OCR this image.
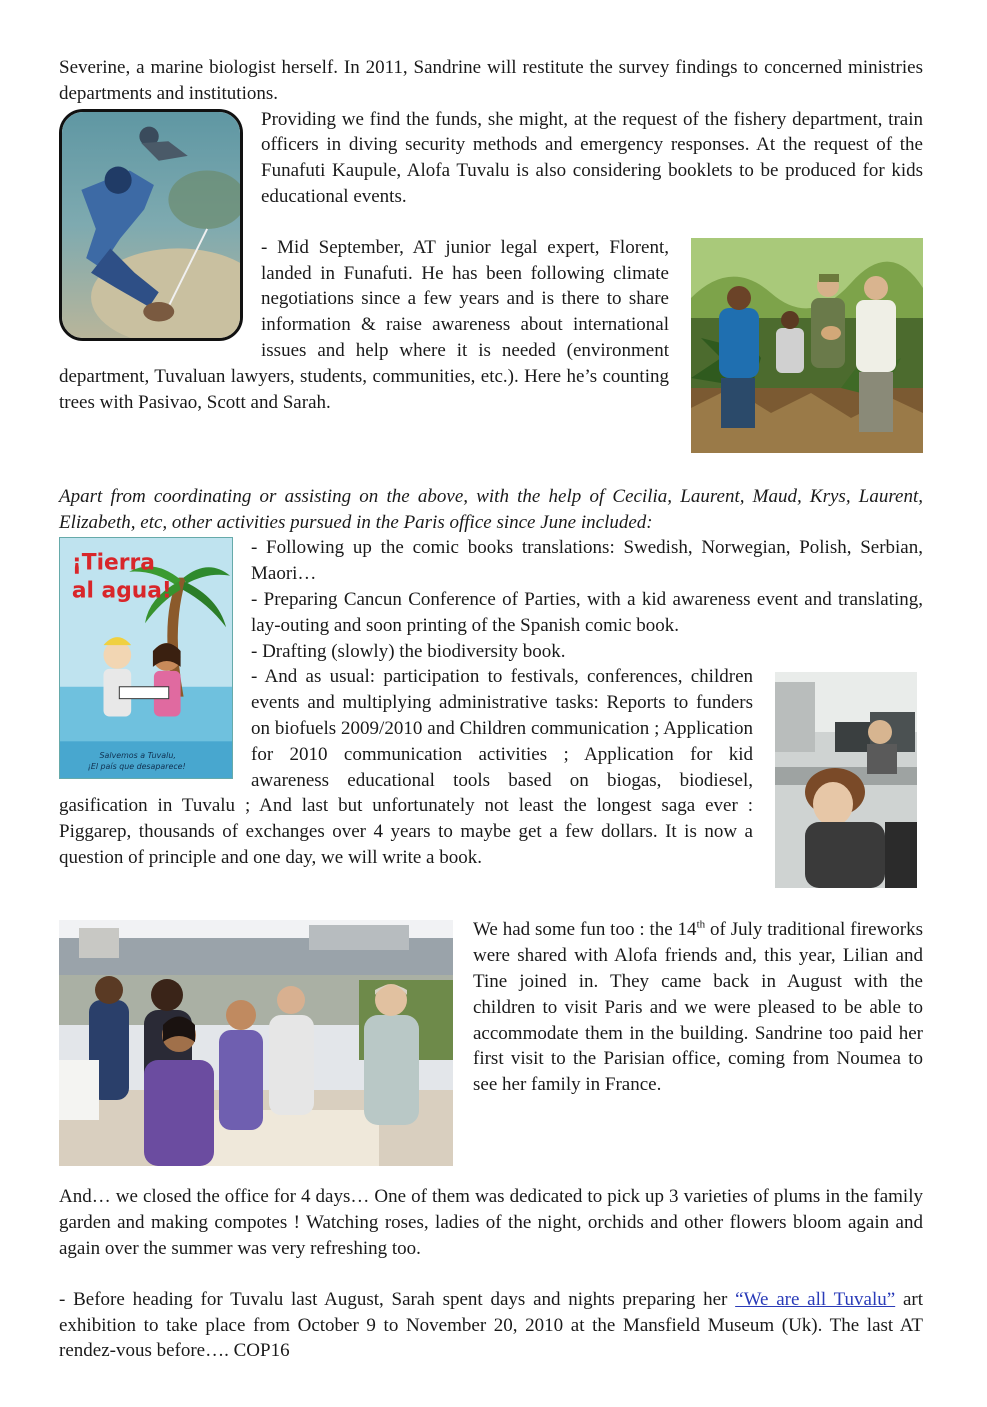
Severine, a marine biologist herself. In 2011, Sandrine will restitute the survey findings to concerned ministries departments and institutions.

Providing we find the funds, she might, at the request of the fishery department, train officers in diving security methods and emergency responses. At the request of the Funafuti Kaupule, Alofa Tuvalu is also considering booklets to be produced for kids educational events.

- Mid September, AT junior legal expert, Florent, landed in Funafuti. He has been following climate negotiations since a few years and is there to share information & raise awareness about international issues and help where it is needed (environment department, Tuvaluan lawyers, students, communities, etc.). Here he’s counting trees with Pasivao, Scott and Sarah.

Apart from coordinating or assisting on the above, with the help of Cecilia, Laurent, Maud, Krys, Laurent, Elizabeth, etc, other activities pursued in the Paris office since June included:

¡Tierra
al agua!
Salvemos a Tuvalu,
¡El país que desaparece!

- Following up the comic books translations: Swedish, Norwegian, Polish, Serbian, Maori…

- Preparing Cancun Conference of Parties, with a kid awareness event and translating, lay-outing and soon printing of the Spanish comic book.

- Drafting (slowly) the biodiversity book.

- And as usual: participation to festivals, conferences, children events and multiplying administrative tasks: Reports to funders on biofuels 2009/2010 and Children communication ; Application for 2010 communication activities ; Application for kid awareness educational tools based on biogas, biodiesel, gasification in Tuvalu ; And last but unfortunately not least the longest saga ever : Piggarep, thousands of exchanges over 4 years to maybe get a few dollars. It is now a question of principle and one day, we will write a book.

We had some fun too : the 14th of July traditional fireworks were shared with Alofa friends and, this year, Lilian and Tine joined in. They came back in August with the children to visit Paris and we were pleased to be able to accommodate them in the building. Sandrine too paid her first visit to the Parisian office, coming from Noumea to see her family in France.

And… we closed the office for 4 days… One of them was dedicated to pick up 3 varieties of plums in the family garden and making compotes ! Watching roses, ladies of the night, orchids and other flowers bloom again and again over the summer was very refreshing too.

- Before heading for Tuvalu last August, Sarah spent days and nights preparing her “We are all Tuvalu” art exhibition to take place from October 9 to November 20, 2010 at the Mansfield Museum (Uk). The last AT rendez-vous before…. COP16
